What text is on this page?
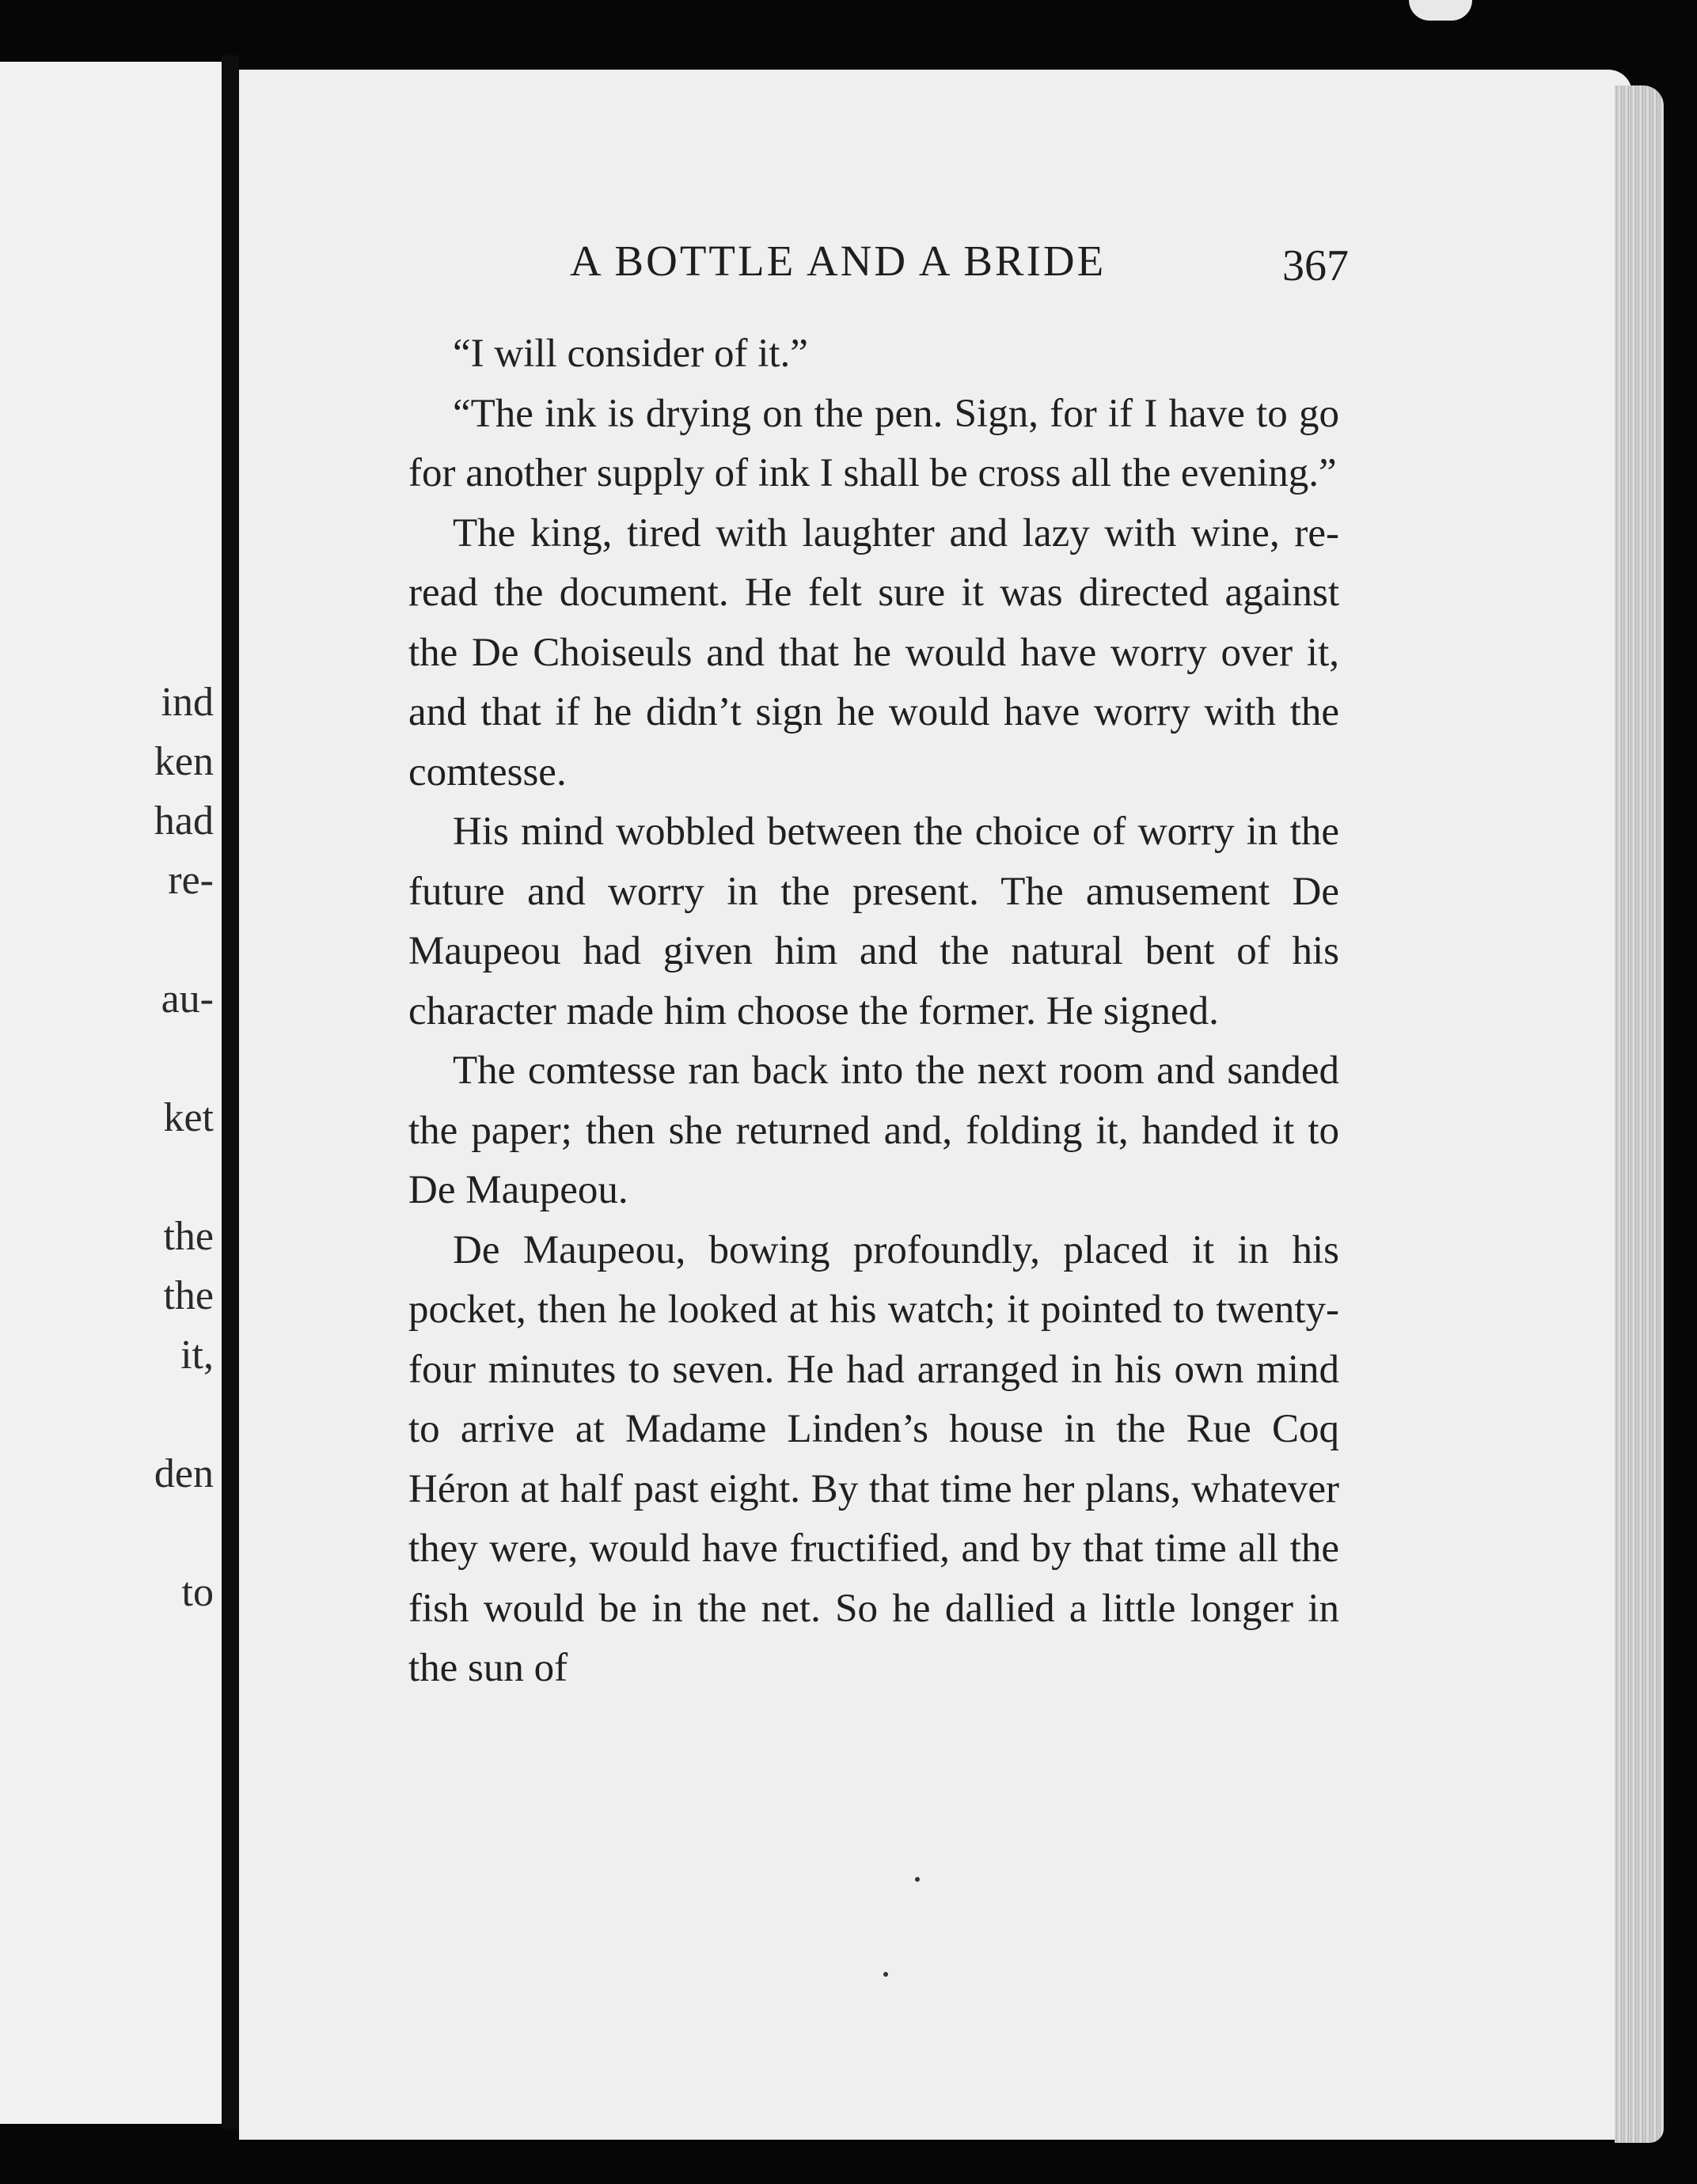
ind
ken
had
re-
au-
ket
the
the
it,
den
to
A BOTTLE AND A BRIDE	367

“I will consider of it.”

“The ink is drying on the pen. Sign, for if I have to go for another supply of ink I shall be cross all the evening.”

The king, tired with laughter and lazy with wine, re-read the document. He felt sure it was directed against the De Choiseuls and that he would have worry over it, and that if he didn’t sign he would have worry with the comtesse.

His mind wobbled between the choice of worry in the future and worry in the present. The amusement De Maupeou had given him and the natural bent of his character made him choose the former. He signed.

The comtesse ran back into the next room and sanded the paper; then she returned and, folding it, handed it to De Maupeou.

De Maupeou, bowing profoundly, placed it in his pocket, then he looked at his watch; it pointed to twenty-four minutes to seven. He had arranged in his own mind to arrive at Madame Linden’s house in the Rue Coq Héron at half past eight. By that time her plans, whatever they were, would have fructified, and by that time all the fish would be in the net. So he dallied a little longer in the sun of
